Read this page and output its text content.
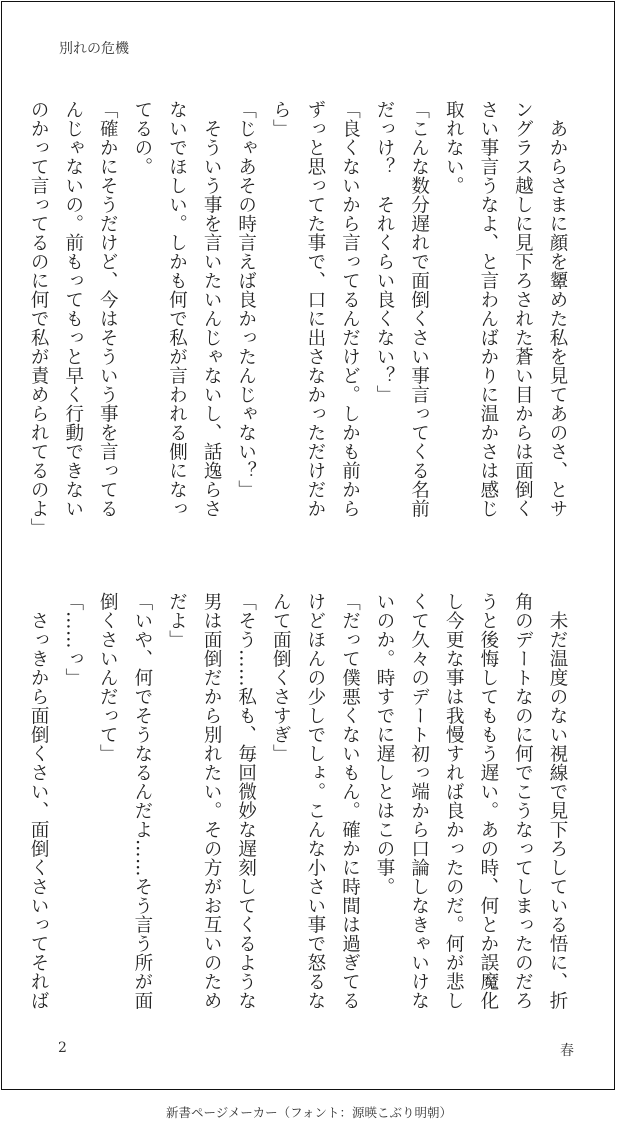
別れの危機
　あからさまに顔を顰めた私を見てあのさ、とサ
ングラス越しに見下ろされた蒼い目からは面倒く
さい事言うなよ、と言わんばかりに温かさは感じ
取れない。
「こんな数分遅れで面倒くさい事言ってくる名前
だっけ？　それくらい良くない？」
「良くないから言ってるんだけど。しかも前から
ずっと思ってた事で、口に出さなかっただけだか
ら」
「じゃあその時言えば良かったんじゃない？」
　そういう事を言いたいんじゃないし、話逸らさ
ないでほしい。しかも何で私が言われる側になっ
てるの。
「確かにそうだけど、今はそういう事を言ってる
んじゃないの。前もってもっと早く行動できない
のかって言ってるのに何で私が責められてるのよ」
　未だ温度のない視線で見下ろしている悟に、折
角のデートなのに何でこうなってしまったのだろ
うと後悔してももう遅い。あの時、何とか誤魔化
し今更な事は我慢すれば良かったのだ。何が悲し
くて久々のデート初っ端から口論しなきゃいけな
いのか。時すでに遅しとはこの事。
「だって僕悪くないもん。確かに時間は過ぎてる
けどほんの少しでしょ。こんな小さい事で怒るな
んて面倒くさすぎ」
「そう……私も、毎回微妙な遅刻してくるような
男は面倒だから別れたい。その方がお互いのため
だよ」
「いや、何でそうなるんだよ……そう言う所が面
倒くさいんだって」
「……っ」
　さっきから面倒くさい、面倒くさいってそれば
2	春
新書ページメーカー（フォント：源暎こぶり明朝）
